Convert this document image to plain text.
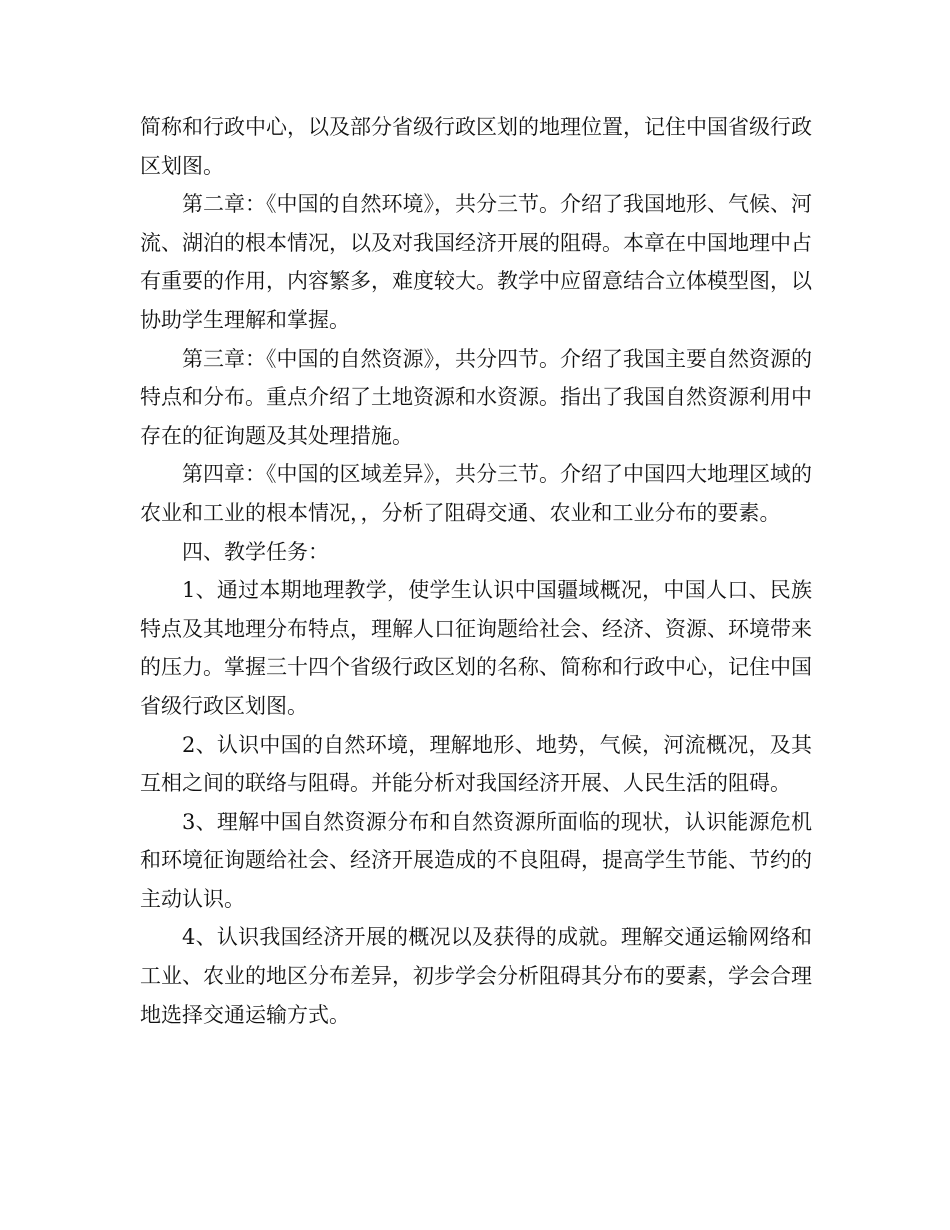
简称和行政中心，以及部分省级行政区划的地理位置，记住中国省级行政区划图。

第二章：《中国的自然环境》，共分三节。介绍了我国地形、气候、河流、湖泊的根本情况，以及对我国经济开展的阻碍。本章在中国地理中占有重要的作用，内容繁多，难度较大。教学中应留意结合立体模型图，以协助学生理解和掌握。

第三章：《中国的自然资源》，共分四节。介绍了我国主要自然资源的特点和分布。重点介绍了土地资源和水资源。指出了我国自然资源利用中存在的征询题及其处理措施。

第四章：《中国的区域差异》，共分三节。介绍了中国四大地理区域的农业和工业的根本情况，，分析了阻碍交通、农业和工业分布的要素。

四、教学任务：

1、通过本期地理教学，使学生认识中国疆域概况，中国人口、民族特点及其地理分布特点，理解人口征询题给社会、经济、资源、环境带来的压力。掌握三十四个省级行政区划的名称、简称和行政中心，记住中国省级行政区划图。

2、认识中国的自然环境，理解地形、地势，气候，河流概况，及其互相之间的联络与阻碍。并能分析对我国经济开展、人民生活的阻碍。

3、理解中国自然资源分布和自然资源所面临的现状，认识能源危机和环境征询题给社会、经济开展造成的不良阻碍，提高学生节能、节约的主动认识。

4、认识我国经济开展的概况以及获得的成就。理解交通运输网络和工业、农业的地区分布差异，初步学会分析阻碍其分布的要素，学会合理地选择交通运输方式。
